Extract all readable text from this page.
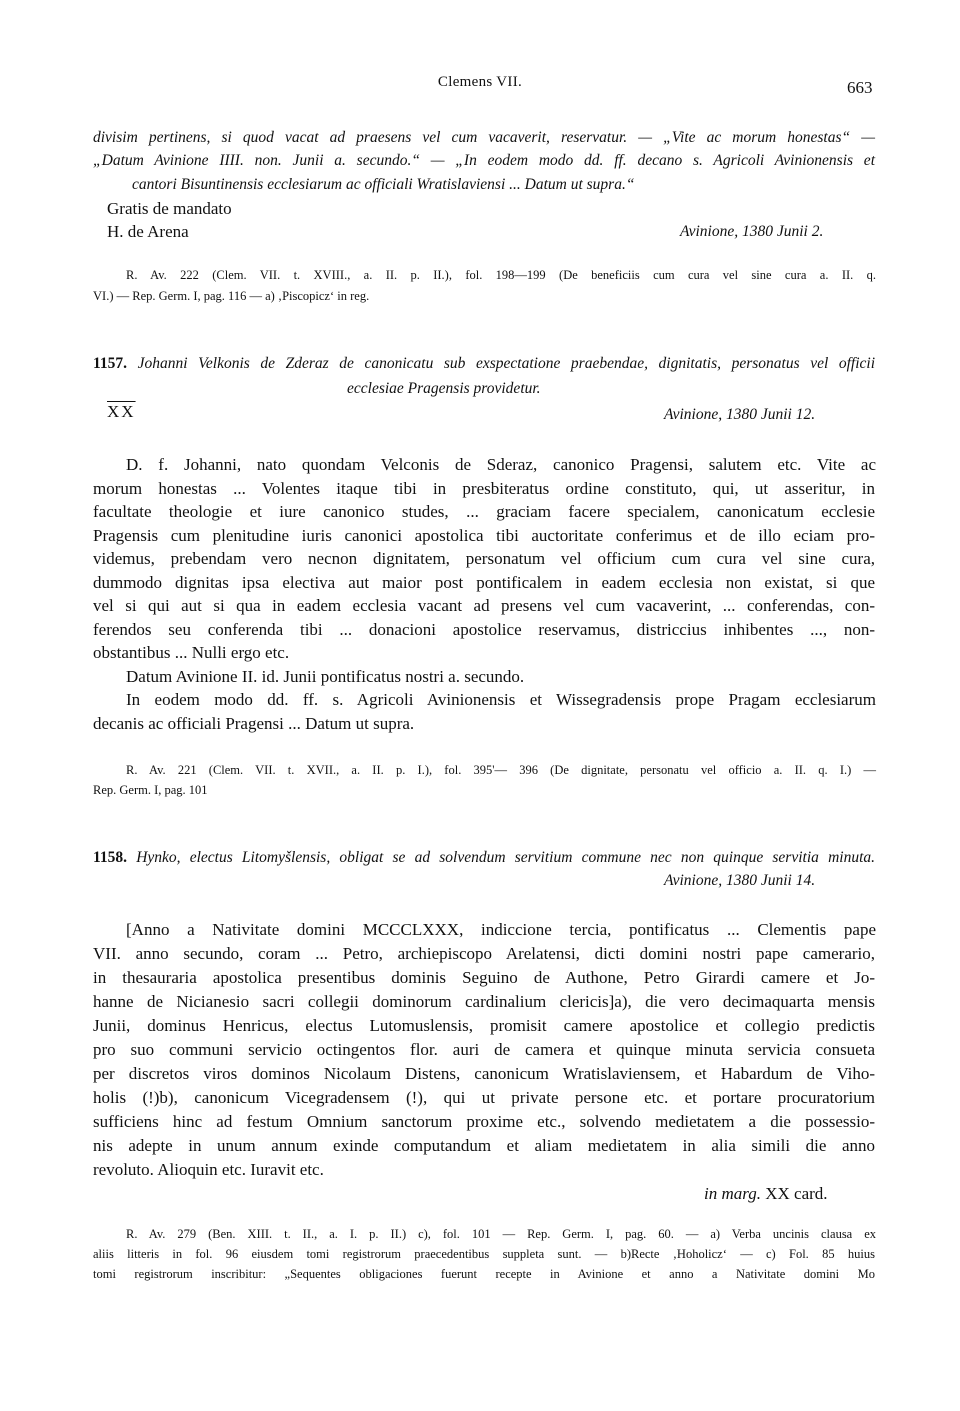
Clemens VII.	663
divisim pertinens, si quod vacat ad praesens vel cum vacaverit, reservatur. — „Vite ac morum honestas“ —
„Datum Avinione IIII. non. Junii a. secundo.“ — „In eodem modo dd. ff. decano s. Agricoli Avinionensis et
cantori Bisuntinensis ecclesiarum ac officiali Wratislaviensi ... Datum ut supra.“
Gratis de mandato
H. de Arena	Avinione, 1380 Junii 2.
R. Av. 222 (Clem. VII. t. XVIII., a. II. p. II.), fol. 198—199 (De beneficiis cum cura vel sine cura a. II. q.
VI.) — Rep. Germ. I, pag. 116 — a) ‚Piscopicz‘ in reg.
1157. Johanni Velkonis de Zderaz de canonicatu sub exspectatione praebendae, dignitatis, personatus vel officii
ecclesiae Pragensis providetur.
$\overline{XX}$	Avinione, 1380 Junii 12.
D. f. Johanni, nato quondam Velconis de Sderaz, canonico Pragensi, salutem etc. Vite ac
morum honestas ... Volentes itaque tibi in presbiteratus ordine constituto, qui, ut asseritur, in
facultate theologie et iure canonico studes, ... graciam facere specialem, canonicatum ecclesie
Pragensis cum plenitudine iuris canonici apostolica tibi auctoritate conferimus et de illo eciam pro-
videmus, prebendam vero necnon dignitatem, personatum vel officium cum cura vel sine cura,
dummodo dignitas ipsa electiva aut maior post pontificalem in eadem ecclesia non existat, si que
vel si qui aut si qua in eadem ecclesia vacant ad presens vel cum vacaverint, ... conferendas, con-
ferendos seu conferenda tibi ... donacioni apostolice reservamus, districcius inhibentes ..., non-
obstantibus ... Nulli ergo etc.
Datum Avinione II. id. Junii pontificatus nostri a. secundo.
In eodem modo dd. ff. s. Agricoli Avinionensis et Wissegradensis prope Pragam ecclesiarum
decanis ac officiali Pragensi ... Datum ut supra.
R. Av. 221 (Clem. VII. t. XVII., a. II. p. I.), fol. 395'— 396 (De dignitate, personatu vel officio a. II. q. I.) —
Rep. Germ. I, pag. 101
1158. Hynko, electus Litomyšlensis, obligat se ad solvendum servitium commune nec non quinque servitia minuta.
Avinione, 1380 Junii 14.
[Anno a Nativitate domini MCCCLXXX, indiccione tercia, pontificatus ... Clementis pape
VII. anno secundo, coram ... Petro, archiepiscopo Arelatensi, dicti domini nostri pape camerario,
in thesauraria apostolica presentibus dominis Seguino de Authone, Petro Girardi camere et Jo-
hanne de Nicianesio sacri collegii dominorum cardinalium clericis]a), die vero decimaquarta mensis
Junii, dominus Henricus, electus Lutomuslensis, promisit camere apostolice et collegio predictis
pro suo communi servicio octingentos flor. auri de camera et quinque minuta servicia consueta
per discretos viros dominos Nicolaum Distens, canonicum Wratislaviensem, et Habardum de Viho-
holis (!)b), canonicum Vicegradensem (!), qui ut private persone etc. et portare procuratorium
sufficiens hinc ad festum Omnium sanctorum proxime etc., solvendo medietatem a die possessio-
nis adepte in unum annum exinde computandum et aliam medietatem in alia simili die anno
revoluto. Alioquin etc. Iuravit etc.
in marg. XX card.
R. Av. 279 (Ben. XIII. t. II., a. I. p. II.) c), fol. 101 — Rep. Germ. I, pag. 60. — a) Verba uncinis clausa ex
aliis litteris in fol. 96 eiusdem tomi registrorum praecedentibus suppleta sunt. — b)Recte ‚Hoholicz‘ — c) Fol. 85 huius
tomi registrorum inscribitur: „Sequentes obligaciones fuerunt recepte in Avinione et anno a Nativitate domini Mo
